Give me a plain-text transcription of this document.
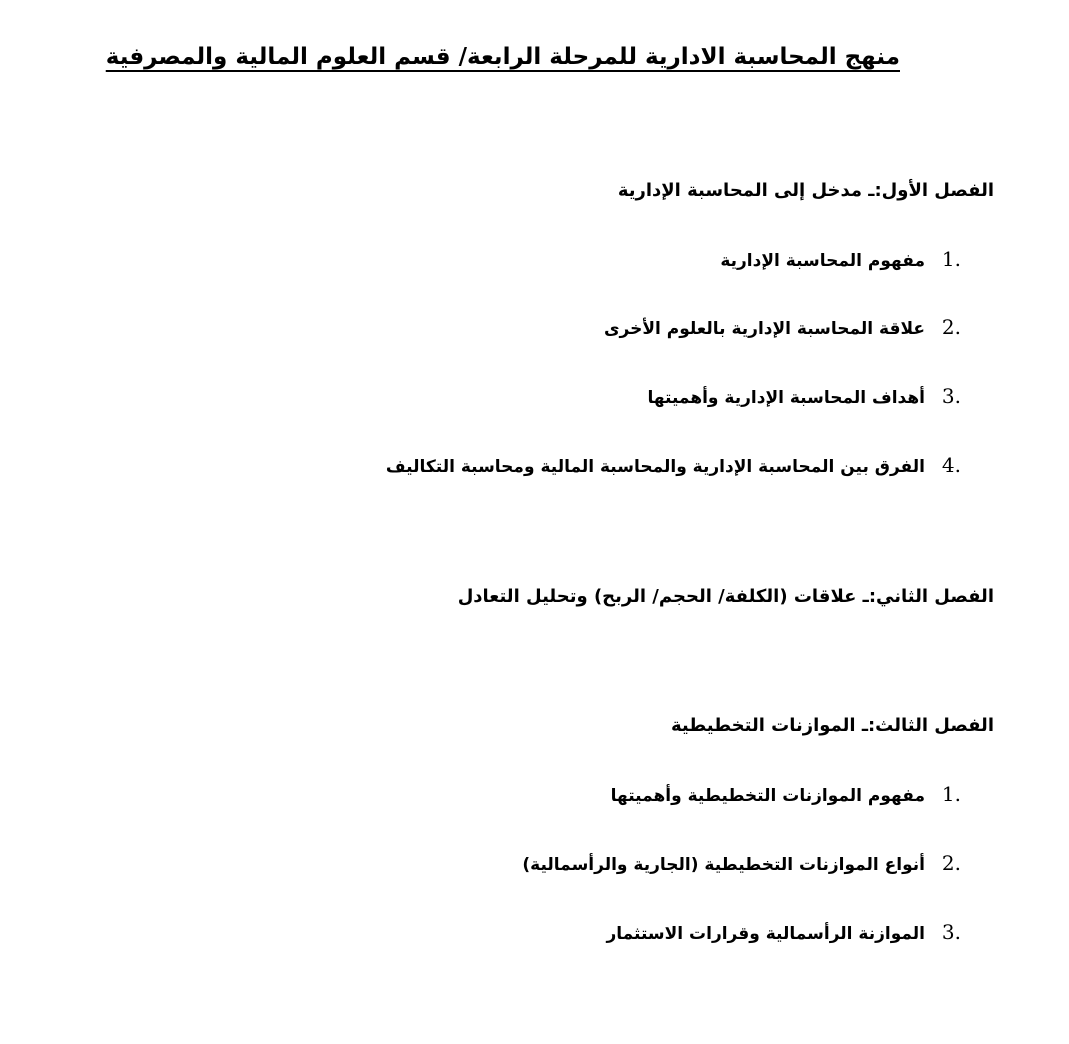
منهج المحاسبة الادارية للمرحلة الرابعة/ قسم العلوم المالية والمصرفية
الفصل الأول:ـ مدخل إلى المحاسبة الإدارية
1.
مفهوم المحاسبة الإدارية
2.
علاقة المحاسبة الإدارية بالعلوم الأخرى
3.
أهداف المحاسبة الإدارية وأهميتها
4.
الفرق بين المحاسبة الإدارية والمحاسبة المالية ومحاسبة التكاليف
الفصل الثاني:ـ علاقات (الكلفة/ الحجم/ الربح) وتحليل التعادل
الفصل الثالث:ـ الموازنات التخطيطية
1.
مفهوم الموازنات التخطيطية وأهميتها
2.
أنواع الموازنات التخطيطية (الجارية والرأسمالية)
3.
الموازنة الرأسمالية وقرارات الاستثمار
